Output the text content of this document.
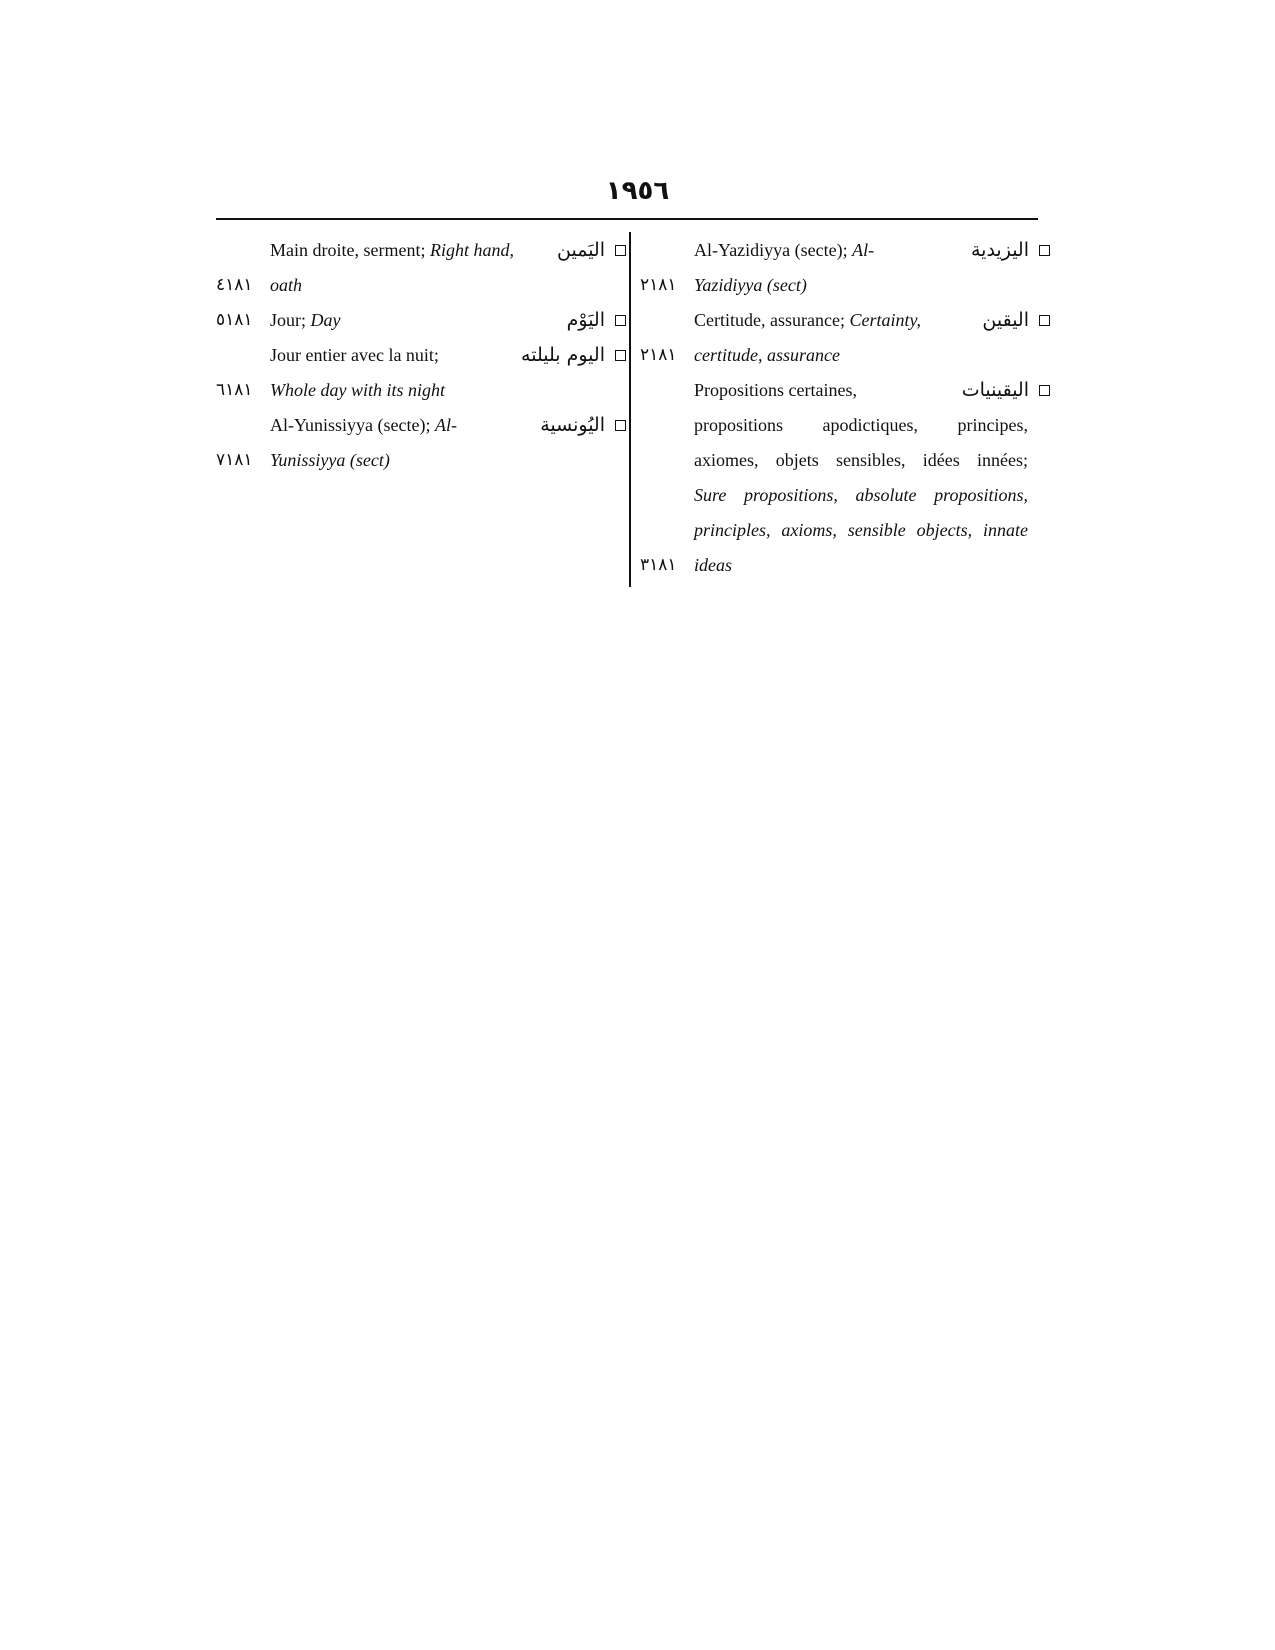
١٩٥٦
اليزيدية
Al-Yazidiyya (secte); Al-
١٨١٢ Yazidiyya (sect)
اليقين
Certitude, assurance; Certainty,
١٨١٢ certitude, assurance
اليقينيات
Propositions certaines,
propositions apodictiques, principes,
axiomes, objets sensibles, idées innées;
Sure propositions, absolute propositions,
principles, axioms, sensible objects, innate
١٨١٣ ideas
اليَمين
Main droite, serment; Right hand,
١٨١٤ oath
اليَوْم
١٨١٥ Jour; Day
اليوم بليلته
Jour entier avec la nuit;
١٨١٦ Whole day with its night
اليُونسية
Al-Yunissiyya (secte); Al-
١٨١٧ Yunissiyya (sect)
